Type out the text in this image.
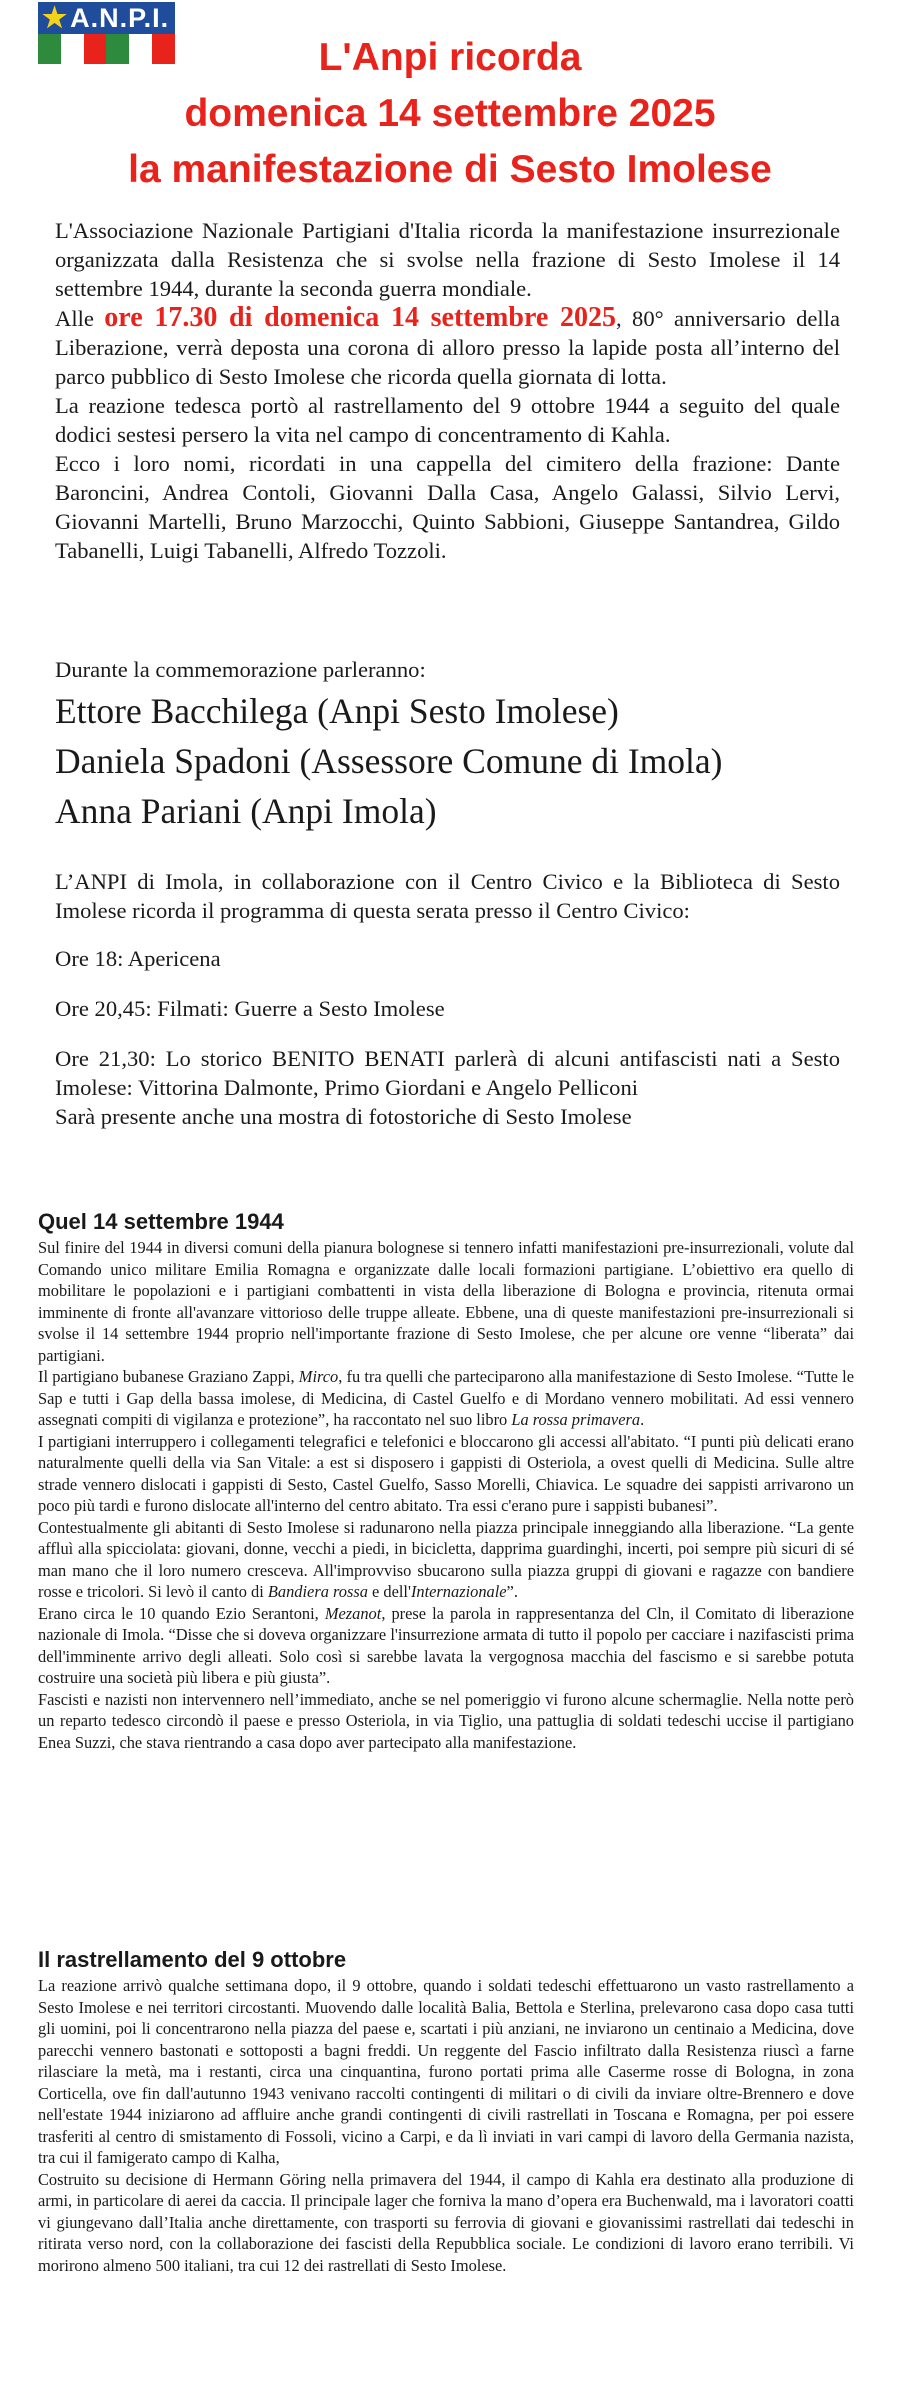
★ A.N.P.I.
L'Anpi ricorda
domenica 14 settembre 2025
la manifestazione di Sesto Imolese

L'Associazione Nazionale Partigiani d'Italia ricorda la manifestazione insurrezionale organizzata dalla Resistenza che si svolse nella frazione di Sesto Imolese il 14 settembre 1944, durante la seconda guerra mondiale.

Alle ore 17.30 di domenica 14 settembre 2025, 80° anniversario della Liberazione, verrà deposta una corona di alloro presso la lapide posta all’interno del parco pubblico di Sesto Imolese che ricorda quella giornata di lotta.

La reazione tedesca portò al rastrellamento del 9 ottobre 1944 a seguito del quale dodici sestesi persero la vita nel campo di concentramento di Kahla.

Ecco i loro nomi, ricordati in una cappella del cimitero della frazione: Dante Baroncini, Andrea Contoli, Giovanni Dalla Casa, Angelo Galassi, Silvio Lervi, Giovanni Martelli, Bruno Marzocchi, Quinto Sabbioni, Giuseppe Santandrea, Gildo Tabanelli, Luigi Tabanelli, Alfredo Tozzoli.

Durante la commemorazione parleranno:

Ettore Bacchilega (Anpi Sesto Imolese)
Daniela Spadoni (Assessore Comune di Imola)
Anna Pariani (Anpi Imola)

L’ANPI di Imola, in collaborazione con il Centro Civico e la Biblioteca di Sesto Imolese ricorda il programma di questa serata presso il Centro Civico:

Ore 18: Apericena

Ore 20,45: Filmati: Guerre a Sesto Imolese

Ore 21,30: Lo storico BENITO BENATI parlerà di alcuni antifascisti nati a Sesto Imolese: Vittorina Dalmonte, Primo Giordani e Angelo Pelliconi

Sarà presente anche una mostra di fotostoriche di Sesto Imolese

Quel 14 settembre 1944

Sul finire del 1944 in diversi comuni della pianura bolognese si tennero infatti manifestazioni pre-insurrezionali, volute dal Comando unico militare Emilia Romagna e organizzate dalle locali formazioni partigiane. L’obiettivo era quello di mobilitare le popolazioni e i partigiani combattenti in vista della liberazione di Bologna e provincia, ritenuta ormai imminente di fronte all'avanzare vittorioso delle truppe alleate. Ebbene, una di queste manifestazioni pre-insurrezionali si svolse il 14 settembre 1944 proprio nell'importante frazione di Sesto Imolese, che per alcune ore venne “liberata” dai partigiani.

Il partigiano bubanese Graziano Zappi, Mirco, fu tra quelli che parteciparono alla manifestazione di Sesto Imolese. “Tutte le Sap e tutti i Gap della bassa imolese, di Medicina, di Castel Guelfo e di Mordano vennero mobilitati. Ad essi vennero assegnati compiti di vigilanza e protezione”, ha raccontato nel suo libro La rossa primavera.

I partigiani interruppero i collegamenti telegrafici e telefonici e bloccarono gli accessi all'abitato. “I punti più delicati erano naturalmente quelli della via San Vitale: a est si disposero i gappisti di Osteriola, a ovest quelli di Medicina. Sulle altre strade vennero dislocati i gappisti di Sesto, Castel Guelfo, Sasso Morelli, Chiavica. Le squadre dei sappisti arrivarono un poco più tardi e furono dislocate all'interno del centro abitato. Tra essi c'erano pure i sappisti bubanesi”.

Contestualmente gli abitanti di Sesto Imolese si radunarono nella piazza principale inneggiando alla liberazione. “La gente affluì alla spicciolata: giovani, donne, vecchi a piedi, in bicicletta, dapprima guardinghi, incerti, poi sempre più sicuri di sé man mano che il loro numero cresceva. All'improvviso sbucarono sulla piazza gruppi di giovani e ragazze con bandiere rosse e tricolori. Si levò il canto di Bandiera rossa e dell'Internazionale”.

Erano circa le 10 quando Ezio Serantoni, Mezanot, prese la parola in rappresentanza del Cln, il Comitato di liberazione nazionale di Imola. “Disse che si doveva organizzare l'insurrezione armata di tutto il popolo per cacciare i nazifascisti prima dell'imminente arrivo degli alleati. Solo così si sarebbe lavata la vergognosa macchia del fascismo e si sarebbe potuta costruire una società più libera e più giusta”.

Fascisti e nazisti non intervennero nell’immediato, anche se nel pomeriggio vi furono alcune schermaglie. Nella notte però un reparto tedesco circondò il paese e presso Osteriola, in via Tiglio, una pattuglia di soldati tedeschi uccise il partigiano Enea Suzzi, che stava rientrando a casa dopo aver partecipato alla manifestazione.

Il rastrellamento del 9 ottobre

La reazione arrivò qualche settimana dopo, il 9 ottobre, quando i soldati tedeschi effettuarono un vasto rastrellamento a Sesto Imolese e nei territori circostanti. Muovendo dalle località Balia, Bettola e Sterlina, prelevarono casa dopo casa tutti gli uomini, poi li concentrarono nella piazza del paese e, scartati i più anziani, ne inviarono un centinaio a Medicina, dove parecchi vennero bastonati e sottoposti a bagni freddi. Un reggente del Fascio infiltrato dalla Resistenza riuscì a farne rilasciare la metà, ma i restanti, circa una cinquantina, furono portati prima alle Caserme rosse di Bologna, in zona Corticella, ove fin dall'autunno 1943 venivano raccolti contingenti di militari o di civili da inviare oltre-Brennero e dove nell'estate 1944 iniziarono ad affluire anche grandi contingenti di civili rastrellati in Toscana e Romagna, per poi essere trasferiti al centro di smistamento di Fossoli, vicino a Carpi, e da lì inviati in vari campi di lavoro della Germania nazista, tra cui il famigerato campo di Kalha,

Costruito su decisione di Hermann Göring nella primavera del 1944, il campo di Kahla era destinato alla produzione di armi, in particolare di aerei da caccia. Il principale lager che forniva la mano d’opera era Buchenwald, ma i lavoratori coatti vi giungevano dall’Italia anche direttamente, con trasporti su ferrovia di giovani e giovanissimi rastrellati dai tedeschi in ritirata verso nord, con la collaborazione dei fascisti della Repubblica sociale. Le condizioni di lavoro erano terribili. Vi morirono almeno 500 italiani, tra cui 12 dei rastrellati di Sesto Imolese.
